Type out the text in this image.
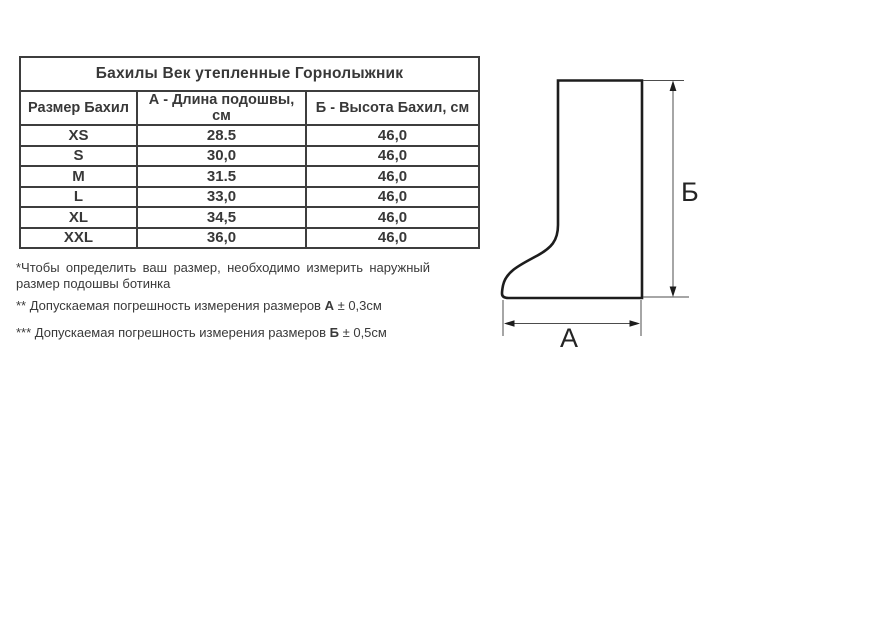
Бахилы Век утепленные Горнолыжник		
Размер Бахил	А - Длина подошвы, см	Б - Высота Бахил, см
XS	28.5	46,0
S	30,0	46,0
M	31.5	46,0
L	33,0	46,0
XL	34,5	46,0
XXL	36,0	46,0

*Чтобы определить ваш размер, необходимо измерить наружный размер подошвы ботинка

** Допускаемая погрешность измерения размеров А ± 0,3см

*** Допускаемая погрешность измерения размеров Б ± 0,5см

Б
А
